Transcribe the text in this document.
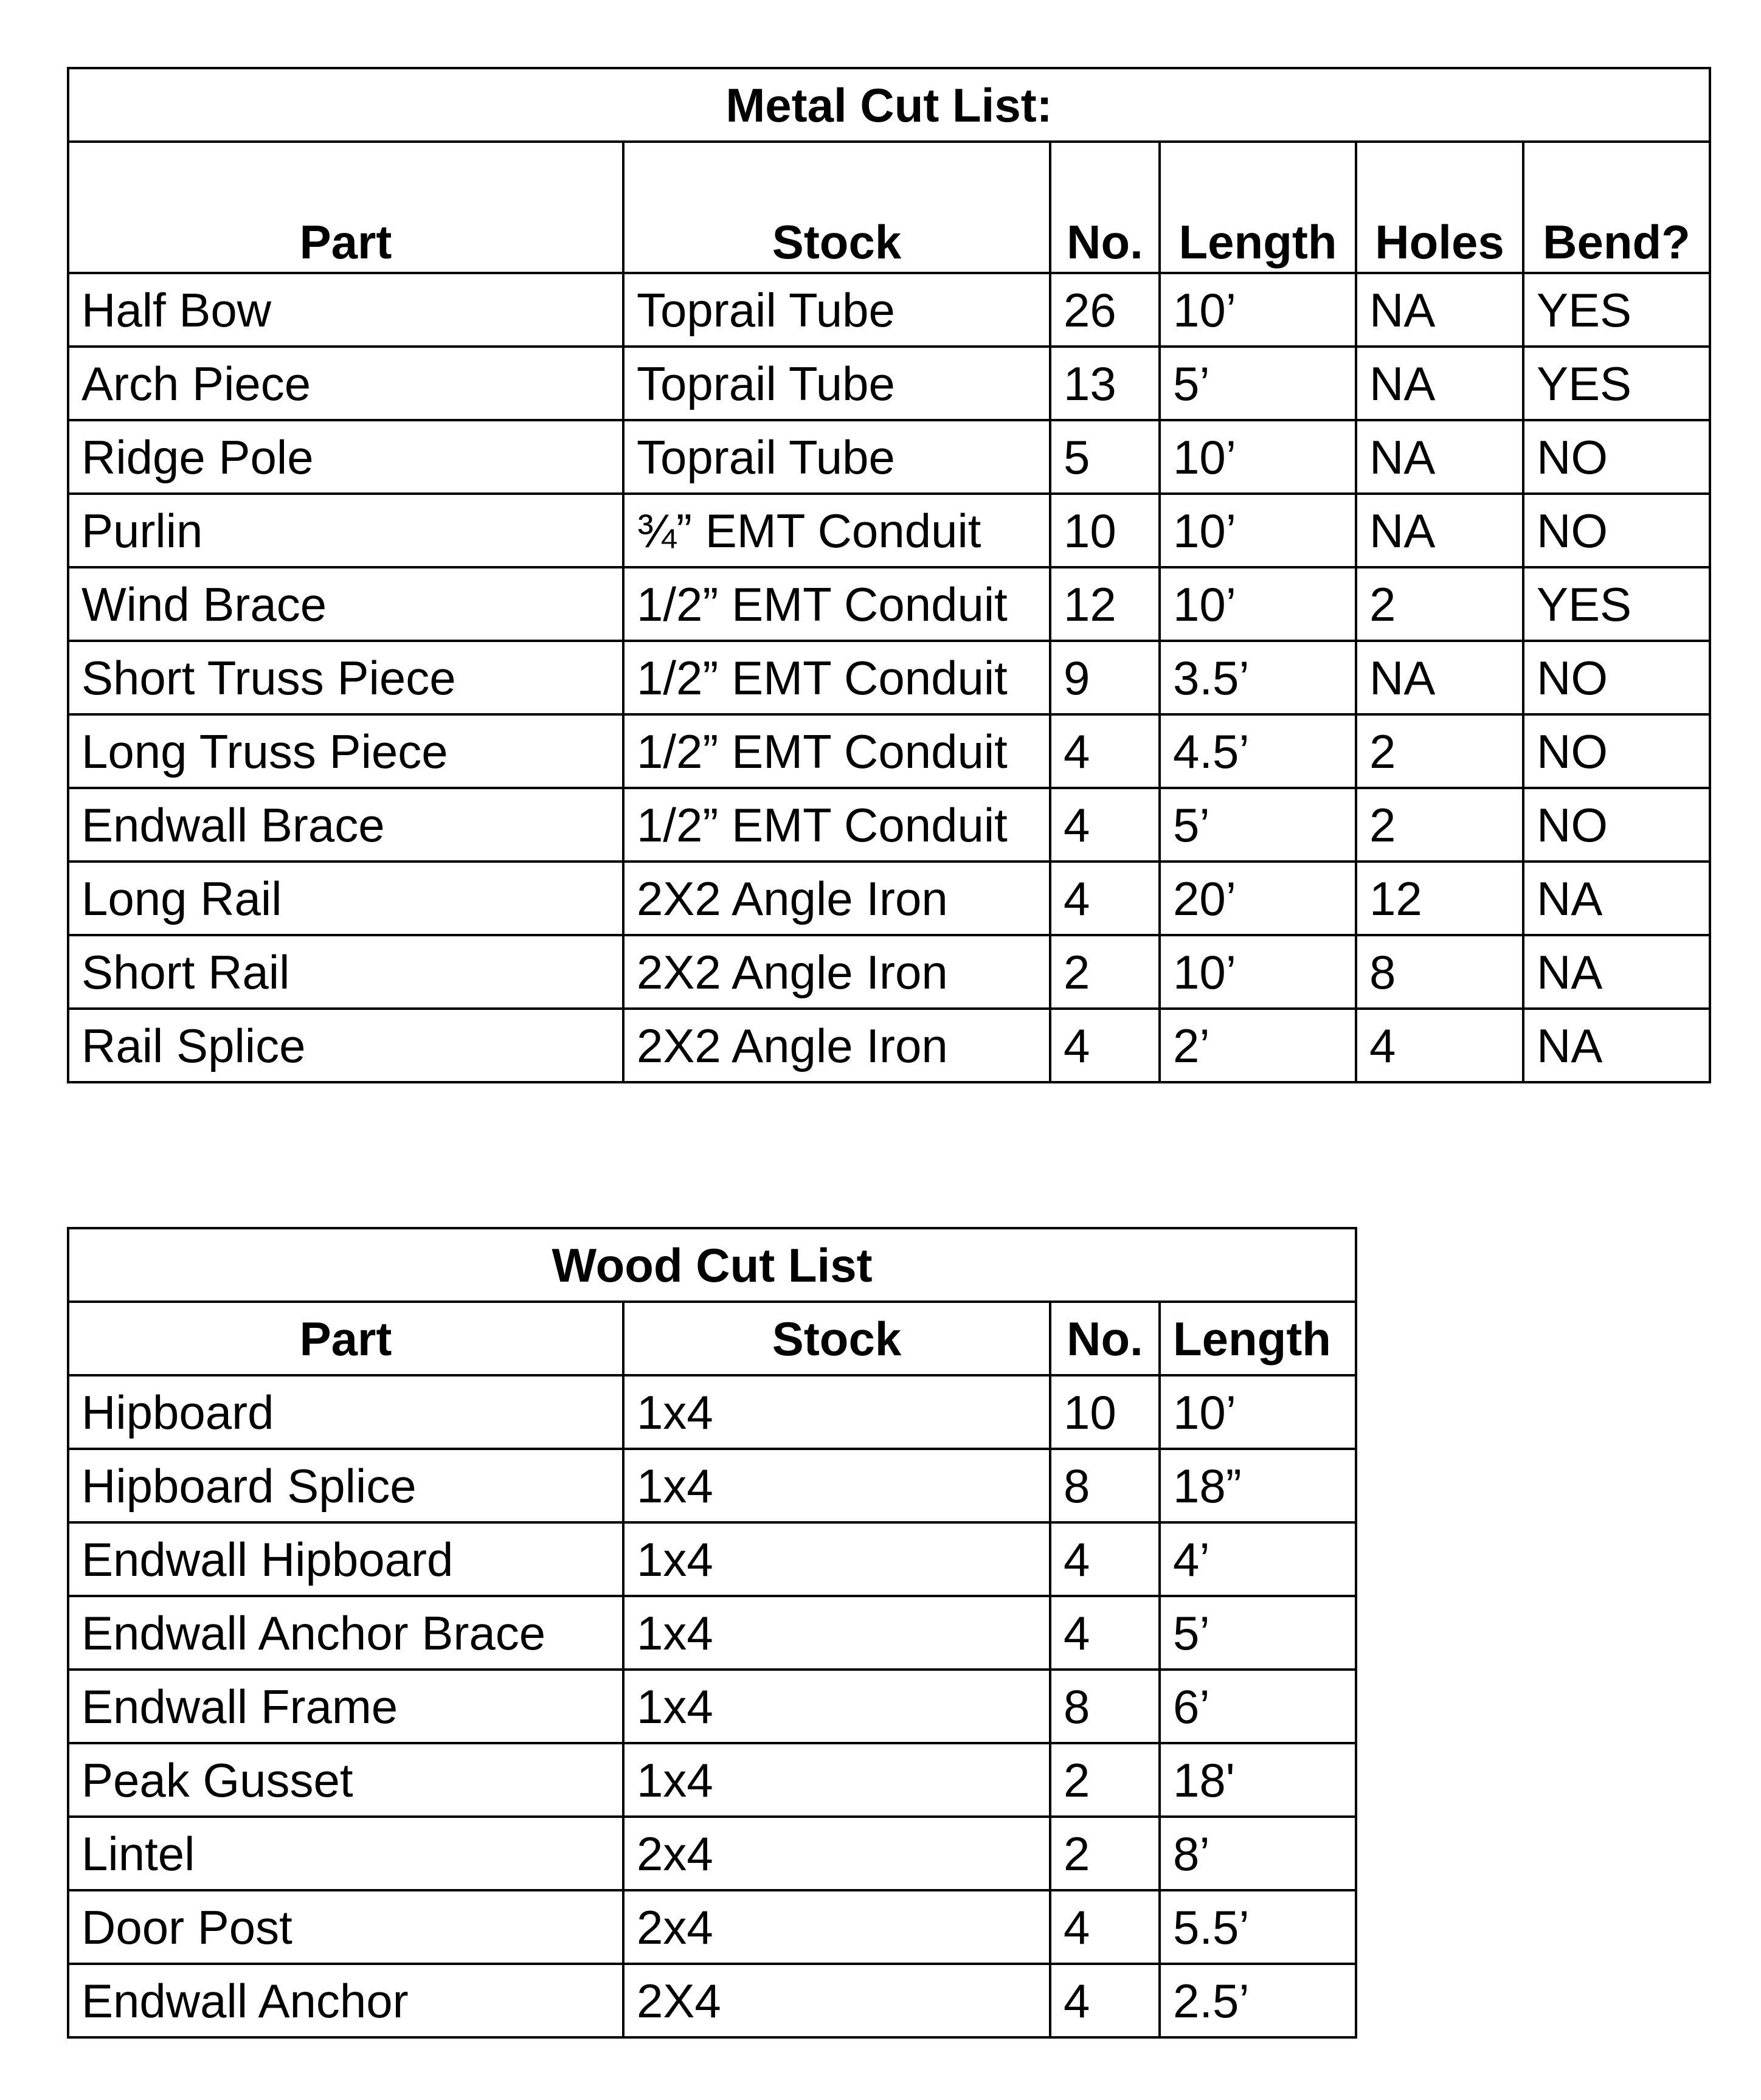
Metal Cut List:					
Part	Stock	No.	Length	Holes	Bend?
Half Bow	Toprail Tube	26	10’	NA	YES
Arch Piece	Toprail Tube	13	5’	NA	YES
Ridge Pole	Toprail Tube	5	10’	NA	NO
Purlin	¾” EMT Conduit	10	10’	NA	NO
Wind Brace	1/2” EMT Conduit	12	10’	2	YES
Short Truss Piece	1/2” EMT Conduit	9	3.5’	NA	NO
Long Truss Piece	1/2” EMT Conduit	4	4.5’	2	NO
Endwall Brace	1/2” EMT Conduit	4	5’	2	NO
Long Rail	2X2 Angle Iron	4	20’	12	NA
Short Rail	2X2 Angle Iron	2	10’	8	NA
Rail Splice	2X2 Angle Iron	4	2’	4	NA
Wood Cut List			
Part	Stock	No.	Length
Hipboard	1x4	10	10’
Hipboard Splice	1x4	8	18”
Endwall Hipboard	1x4	4	4’
Endwall Anchor Brace	1x4	4	5’
Endwall Frame	1x4	8	6’
Peak Gusset	1x4	2	18'
Lintel	2x4	2	8’
Door Post	2x4	4	5.5’
Endwall Anchor	2X4	4	2.5’
